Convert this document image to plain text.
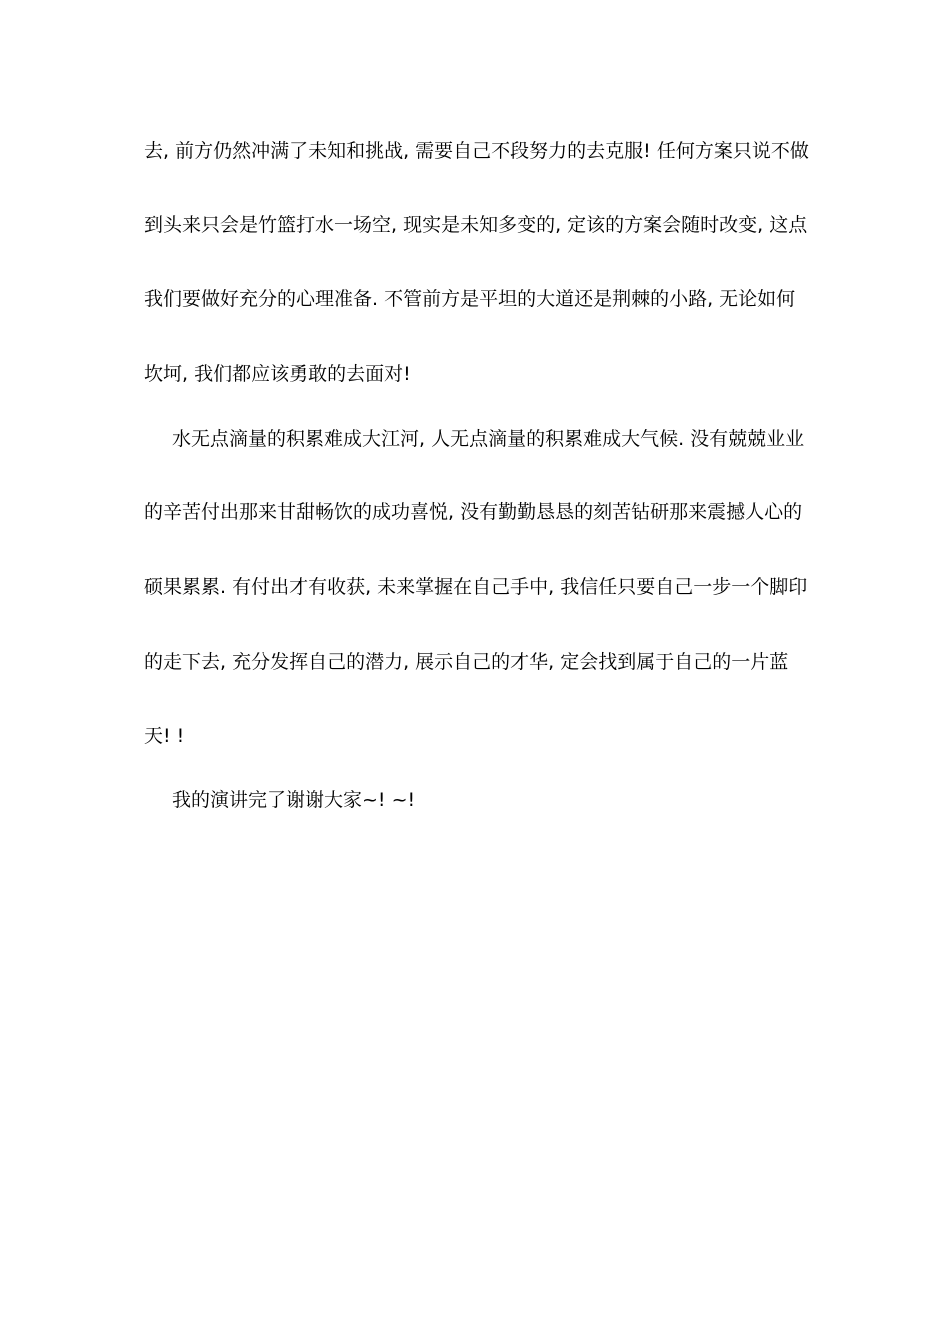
去, 前方仍然冲满了未知和挑战, 需要自己不段努力的去克服! 任何方案只说不做
到头来只会是竹篮打水一场空, 现实是未知多变的, 定该的方案会随时改变, 这点
我们要做好充分的心理准备. 不管前方是平坦的大道还是荆棘的小路, 无论如何
坎坷, 我们都应该勇敢的去面对!
水无点滴量的积累难成大江河, 人无点滴量的积累难成大气候. 没有兢兢业业
的辛苦付出那来甘甜畅饮的成功喜悦, 没有勤勤恳恳的刻苦钻研那来震撼人心的
硕果累累. 有付出才有收获, 未来掌握在自己手中, 我信任只要自己一步一个脚印
的走下去, 充分发挥自己的潜力, 展示自己的才华, 定会找到属于自己的一片蓝
天! !
我的演讲完了谢谢大家~! ~!
